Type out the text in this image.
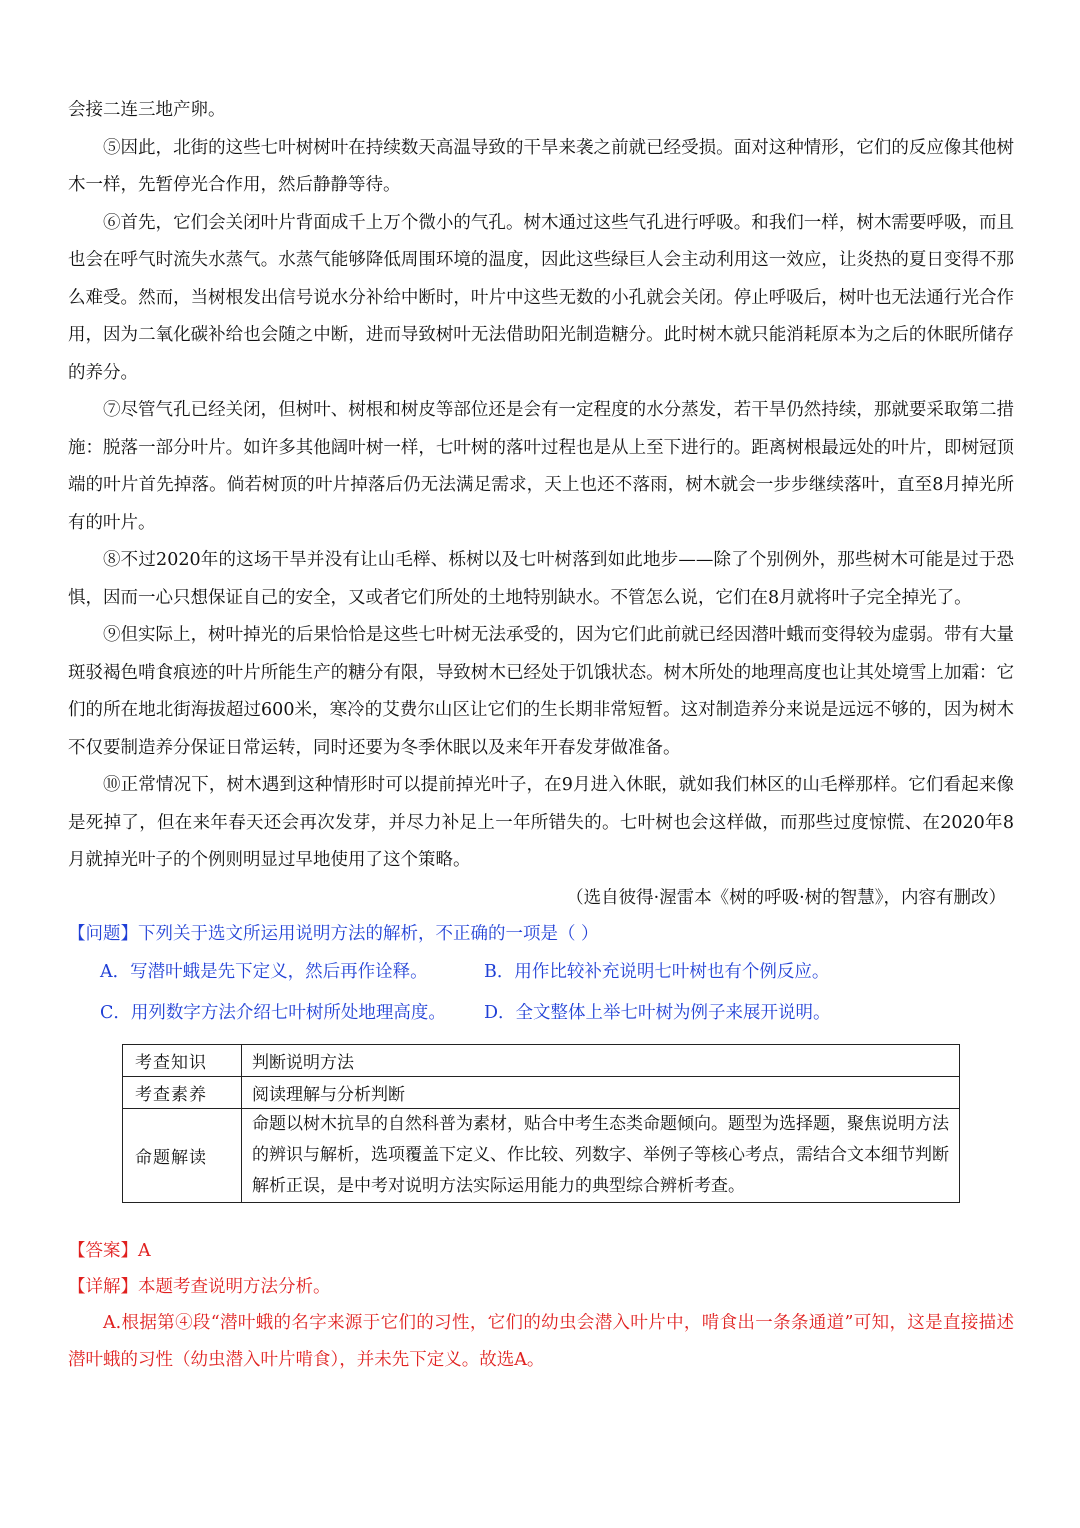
会接二连三地产卵。

⑤因此，北街的这些七叶树树叶在持续数天高温导致的干旱来袭之前就已经受损。面对这种情形，它们的反应像其他树木一样，先暂停光合作用，然后静静等待。

⑥首先，它们会关闭叶片背面成千上万个微小的气孔。树木通过这些气孔进行呼吸。和我们一样，树木需要呼吸，而且也会在呼气时流失水蒸气。水蒸气能够降低周围环境的温度，因此这些绿巨人会主动利用这一效应，让炎热的夏日变得不那么难受。然而，当树根发出信号说水分补给中断时，叶片中这些无数的小孔就会关闭。停止呼吸后，树叶也无法通行光合作用，因为二氧化碳补给也会随之中断，进而导致树叶无法借助阳光制造糖分。此时树木就只能消耗原本为之后的休眠所储存的养分。

⑦尽管气孔已经关闭，但树叶、树根和树皮等部位还是会有一定程度的水分蒸发，若干旱仍然持续，那就要采取第二措施：脱落一部分叶片。如许多其他阔叶树一样，七叶树的落叶过程也是从上至下进行的。距离树根最远处的叶片，即树冠顶端的叶片首先掉落。倘若树顶的叶片掉落后仍无法满足需求，天上也还不落雨，树木就会一步步继续落叶，直至8月掉光所有的叶片。

⑧不过2020年的这场干旱并没有让山毛榉、栎树以及七叶树落到如此地步——除了个别例外，那些树木可能是过于恐惧，因而一心只想保证自己的安全，又或者它们所处的土地特别缺水。不管怎么说，它们在8月就将叶子完全掉光了。

⑨但实际上，树叶掉光的后果恰恰是这些七叶树无法承受的，因为它们此前就已经因潜叶蛾而变得较为虚弱。带有大量斑驳褐色啃食痕迹的叶片所能生产的糖分有限，导致树木已经处于饥饿状态。树木所处的地理高度也让其处境雪上加霜：它们的所在地北街海拔超过600米，寒冷的艾费尔山区让它们的生长期非常短暂。这对制造养分来说是远远不够的，因为树木不仅要制造养分保证日常运转，同时还要为冬季休眠以及来年开春发芽做准备。

⑩正常情况下，树木遇到这种情形时可以提前掉光叶子，在9月进入休眠，就如我们林区的山毛榉那样。它们看起来像是死掉了，但在来年春天还会再次发芽，并尽力补足上一年所错失的。七叶树也会这样做，而那些过度惊慌、在2020年8月就掉光叶子的个例则明显过早地使用了这个策略。

（选自彼得·渥雷本《树的呼吸·树的智慧》，内容有删改）

【问题】下列关于选文所运用说明方法的解析，不正确的一项是（ ）

A．写潜叶蛾是先下定义，然后再作诠释。	B．用作比较补充说明七叶树也有个例反应。
C．用列数字方法介绍七叶树所处地理高度。	D．全文整体上举七叶树为例子来展开说明。
考查知识	判断说明方法
考查素养	阅读理解与分析判断
命题解读	命题以树木抗旱的自然科普为素材，贴合中考生态类命题倾向。题型为选择题，聚焦说明方法的辨识与解析，选项覆盖下定义、作比较、列数字、举例子等核心考点，需结合文本细节判断解析正误，是中考对说明方法实际运用能力的典型综合辨析考查。

【答案】A

【详解】本题考查说明方法分析。

A.根据第④段“潜叶蛾的名字来源于它们的习性，它们的幼虫会潜入叶片中，啃食出一条条通道”可知，这是直接描述潜叶蛾的习性（幼虫潜入叶片啃食），并未先下定义。故选A。
